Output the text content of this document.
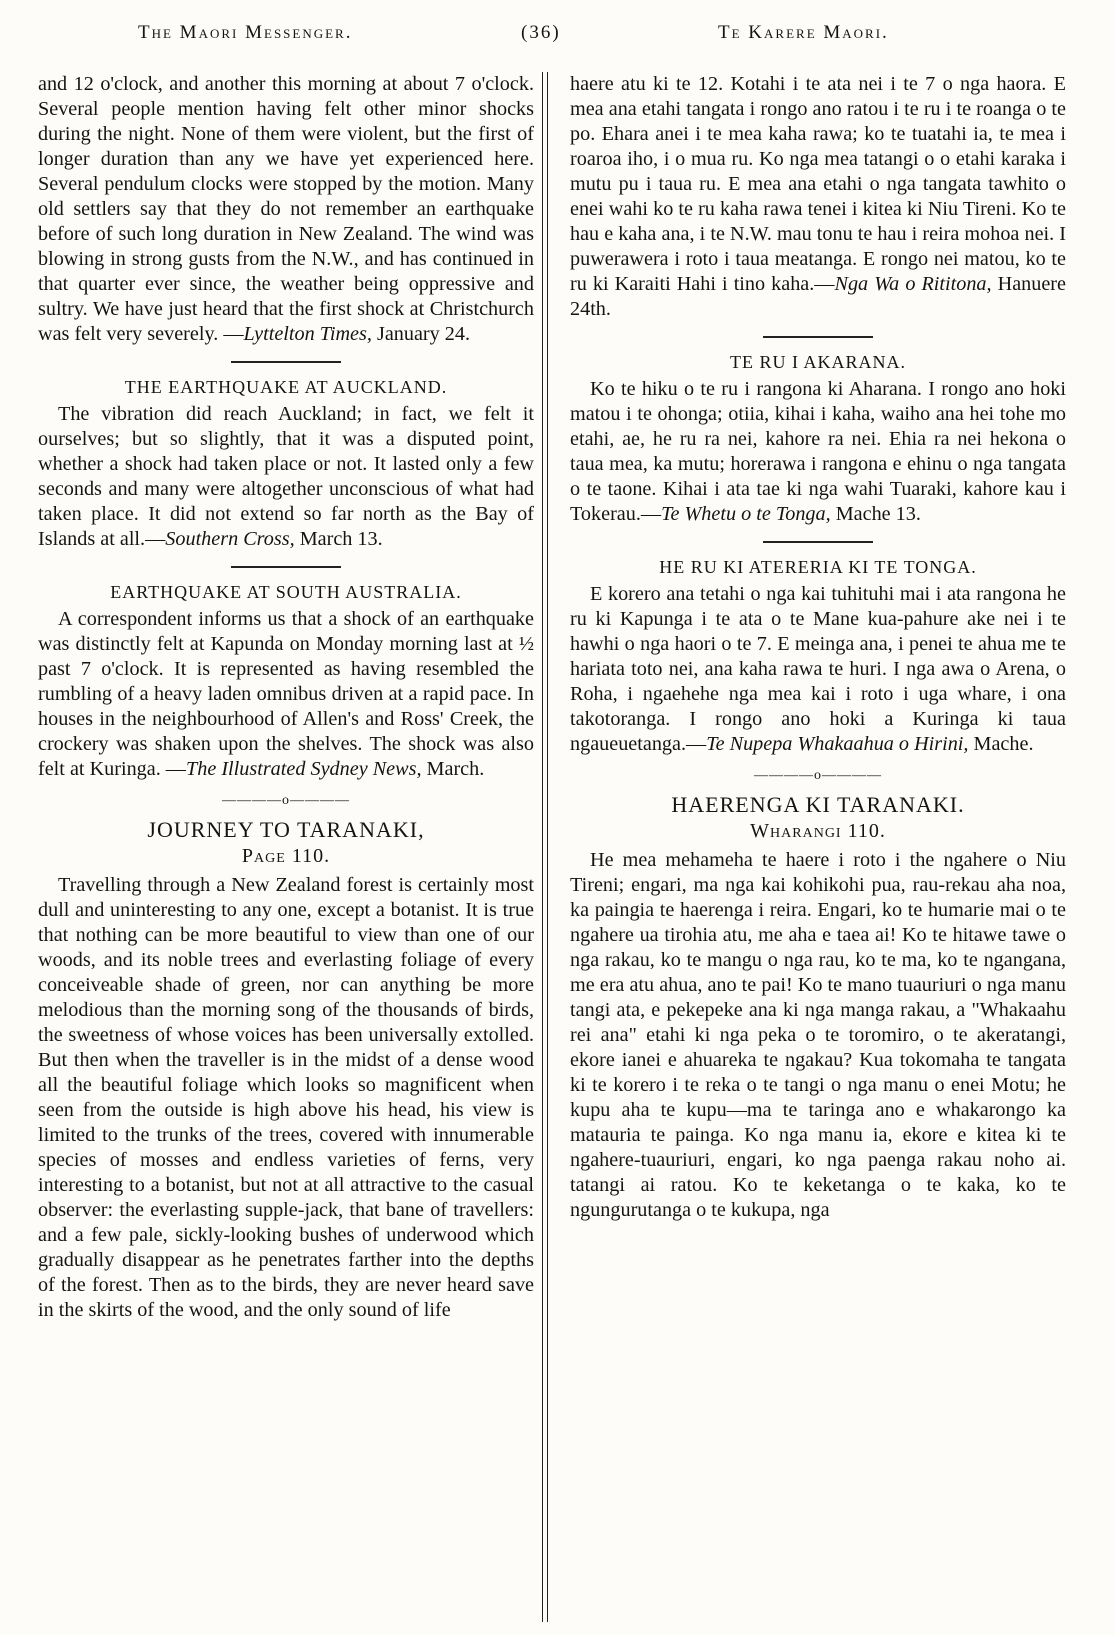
The Maori Messenger.	(36)	Te Karere Maori.

and 12 o'clock, and another this morning at about 7 o'clock. Several people mention having felt other minor shocks during the night. None of them were violent, but the first of longer duration than any we have yet experienced here. Several pendulum clocks were stopped by the motion. Many old settlers say that they do not remember an earthquake before of such long duration in New Zealand. The wind was blowing in strong gusts from the N.W., and has continued in that quarter ever since, the weather being oppressive and sultry. We have just heard that the first shock at Christchurch was felt very severely. —Lyttelton Times, January 24.

THE EARTHQUAKE AT AUCKLAND.

The vibration did reach Auckland; in fact, we felt it ourselves; but so slightly, that it was a disputed point, whether a shock had taken place or not. It lasted only a few seconds and many were altogether unconscious of what had taken place. It did not extend so far north as the Bay of Islands at all.—Southern Cross, March 13.

EARTHQUAKE AT SOUTH AUSTRALIA.

A correspondent informs us that a shock of an earthquake was distinctly felt at Kapunda on Monday morning last at ½ past 7 o'clock. It is represented as having resembled the rumbling of a heavy laden omnibus driven at a rapid pace. In houses in the neighbourhood of Allen's and Ross' Creek, the crockery was shaken upon the shelves. The shock was also felt at Kuringa. —The Illustrated Sydney News, March.

————o————
JOURNEY TO TARANAKI,
Page 110.

Travelling through a New Zealand forest is certainly most dull and uninteresting to any one, except a botanist. It is true that nothing can be more beautiful to view than one of our woods, and its noble trees and everlasting foliage of every conceiveable shade of green, nor can anything be more melodious than the morning song of the thousands of birds, the sweetness of whose voices has been universally extolled. But then when the traveller is in the midst of a dense wood all the beautiful foliage which looks so magnificent when seen from the outside is high above his head, his view is limited to the trunks of the trees, covered with innumerable species of mosses and endless varieties of ferns, very interesting to a botanist, but not at all attractive to the casual observer: the everlasting supple-jack, that bane of travellers: and a few pale, sickly-looking bushes of underwood which gradually disappear as he penetrates farther into the depths of the forest. Then as to the birds, they are never heard save in the skirts of the wood, and the only sound of life

haere atu ki te 12. Kotahi i te ata nei i te 7 o nga haora. E mea ana etahi tangata i rongo ano ratou i te ru i te roanga o te po. Ehara anei i te mea kaha rawa; ko te tuatahi ia, te mea i roaroa iho, i o mua ru. Ko nga mea tatangi o o etahi karaka i mutu pu i taua ru. E mea ana etahi o nga tangata tawhito o enei wahi ko te ru kaha rawa tenei i kitea ki Niu Tireni. Ko te hau e kaha ana, i te N.W. mau tonu te hau i reira mohoa nei. I puwerawera i roto i taua meatanga. E rongo nei matou, ko te ru ki Karaiti Hahi i tino kaha.—Nga Wa o Rititona, Hanuere 24th.

TE RU I AKARANA.

Ko te hiku o te ru i rangona ki Aharana. I rongo ano hoki matou i te ohonga; otiia, kihai i kaha, waiho ana hei tohe mo etahi, ae, he ru ra nei, kahore ra nei. Ehia ra nei hekona o taua mea, ka mutu; horerawa i rangona e ehinu o nga tangata o te taone. Kihai i ata tae ki nga wahi Tuaraki, kahore kau i Tokerau.—Te Whetu o te Tonga, Mache 13.

HE RU KI ATERERIA KI TE TONGA.

E korero ana tetahi o nga kai tuhituhi mai i ata rangona he ru ki Kapunga i te ata o te Mane kua-pahure ake nei i te hawhi o nga haori o te 7. E meinga ana, i penei te ahua me te hariata toto nei, ana kaha rawa te huri. I nga awa o Arena, o Roha, i ngaehehe nga mea kai i roto i uga whare, i ona takotoranga. I rongo ano hoki a Kuringa ki taua ngaueuetanga.—Te Nupepa Whakaahua o Hirini, Mache.

————o————
HAERENGA KI TARANAKI.
Wharangi 110.

He mea mehameha te haere i roto i the ngahere o Niu Tireni; engari, ma nga kai kohikohi pua, rau-rekau aha noa, ka paingia te haerenga i reira. Engari, ko te humarie mai o te ngahere ua tirohia atu, me aha e taea ai! Ko te hitawe tawe o nga rakau, ko te mangu o nga rau, ko te ma, ko te ngangana, me era atu ahua, ano te pai! Ko te mano tuauriuri o nga manu tangi ata, e pekepeke ana ki nga manga rakau, a "Whakaahu rei ana" etahi ki nga peka o te toromiro, o te akeratangi, ekore ianei e ahuareka te ngakau? Kua tokomaha te tangata ki te korero i te reka o te tangi o nga manu o enei Motu; he kupu aha te kupu—ma te taringa ano e whakarongo ka matauria te painga. Ko nga manu ia, ekore e kitea ki te ngahere-tuauriuri, engari, ko nga paenga rakau noho ai. tatangi ai ratou. Ko te keketanga o te kaka, ko te ngungurutanga o te kukupa, nga
